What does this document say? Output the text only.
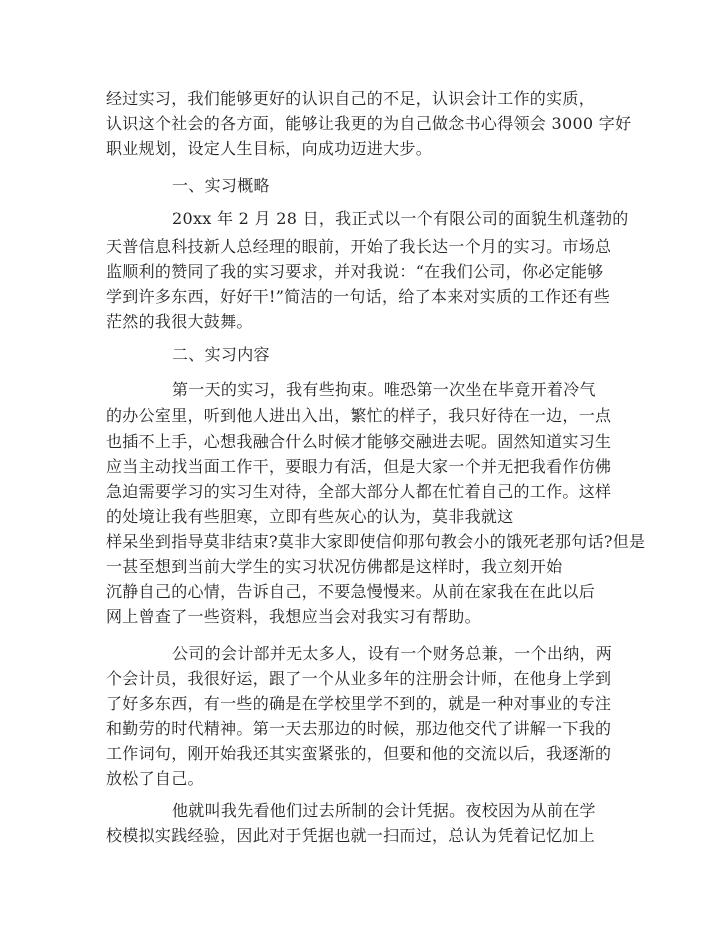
经过实习，我们能够更好的认识自己的不足，认识会计工作的实质，
认识这个社会的各方面，能够让我更的为自己做念书心得领会 3000 字好
职业规划，设定人生目标，向成功迈进大步。
一、实习概略
20xx 年 2 月 28 日，我正式以一个有限公司的面貌生机蓬勃的
天普信息科技新人总经理的眼前，开始了我长达一个月的实习。市场总
监顺利的赞同了我的实习要求，并对我说：“在我们公司，你必定能够
学到许多东西，好好干!”简洁的一句话，给了本来对实质的工作还有些
茫然的我很大鼓舞。
二、实习内容
第一天的实习，我有些拘束。唯恐第一次坐在毕竟开着冷气
的办公室里，听到他人进出入出，繁忙的样子，我只好待在一边，一点
也插不上手，心想我融合什么时候才能够交融进去呢。固然知道实习生
应当主动找当面工作干，要眼力有活，但是大家一个并无把我看作仿佛
急迫需要学习的实习生对待，全部大部分人都在忙着自己的工作。这样
的处境让我有些胆寒，立即有些灰心的认为，莫非我就这
样呆坐到指导莫非结束?莫非大家即使信仰那句教会小的饿死老那句话?但是
一甚至想到当前大学生的实习状况仿佛都是这样时，我立刻开始
沉静自己的心情，告诉自己，不要急慢慢来。从前在家我在在此以后
网上曾查了一些资料，我想应当会对我实习有帮助。
公司的会计部并无太多人，设有一个财务总兼，一个出纳，两
个会计员，我很好运，跟了一个从业多年的注册会计师，在他身上学到
了好多东西，有一些的确是在学校里学不到的，就是一种对事业的专注
和勤劳的时代精神。第一天去那边的时候，那边他交代了讲解一下我的
工作词句，刚开始我还其实蛮紧张的，但要和他的交流以后，我逐渐的
放松了自己。
他就叫我先看他们过去所制的会计凭据。夜校因为从前在学
校模拟实践经验，因此对于凭据也就一扫而过，总认为凭着记忆加上
